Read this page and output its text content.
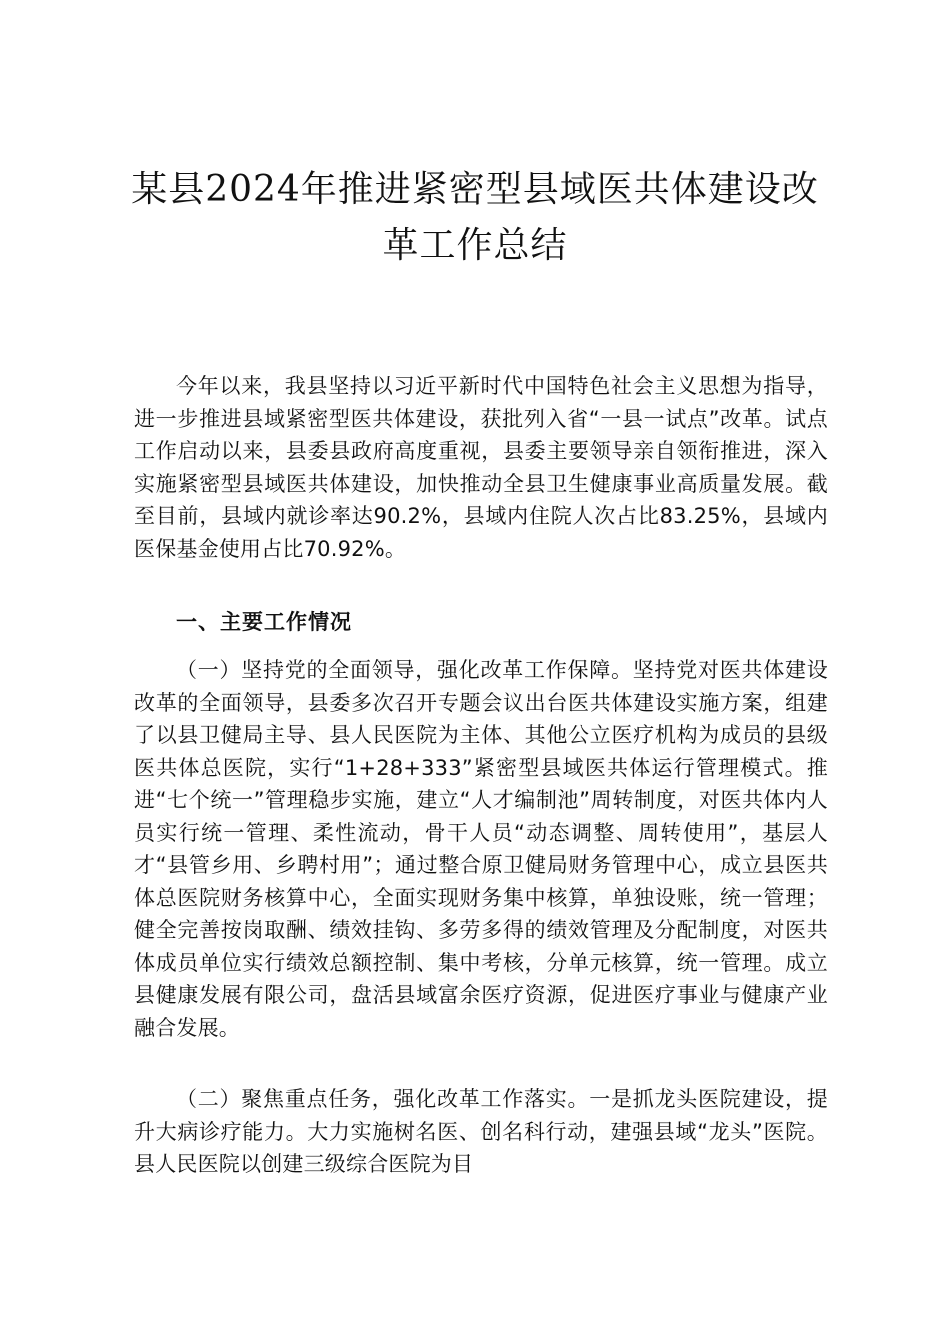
某县2024年推进紧密型县域医共体建设改革工作总结

今年以来，我县坚持以习近平新时代中国特色社会主义思想为指导，进一步推进县域紧密型医共体建设，获批列入省“一县一试点”改革。试点工作启动以来，县委县政府高度重视，县委主要领导亲自领衔推进，深入实施紧密型县域医共体建设，加快推动全县卫生健康事业高质量发展。截至目前，县域内就诊率达90.2%，县域内住院人次占比83.25%，县域内医保基金使用占比70.92%。

一、主要工作情况

（一）坚持党的全面领导，强化改革工作保障。坚持党对医共体建设改革的全面领导，县委多次召开专题会议出台医共体建设实施方案，组建了以县卫健局主导、县人民医院为主体、其他公立医疗机构为成员的县级医共体总医院，实行“1+28+333”紧密型县域医共体运行管理模式。推进“七个统一”管理稳步实施，建立“人才编制池”周转制度，对医共体内人员实行统一管理、柔性流动，骨干人员“动态调整、周转使用”，基层人才“县管乡用、乡聘村用”；通过整合原卫健局财务管理中心，成立县医共体总医院财务核算中心，全面实现财务集中核算，单独设账，统一管理；健全完善按岗取酬、绩效挂钩、多劳多得的绩效管理及分配制度，对医共体成员单位实行绩效总额控制、集中考核，分单元核算，统一管理。成立县健康发展有限公司，盘活县域富余医疗资源，促进医疗事业与健康产业融合发展。

（二）聚焦重点任务，强化改革工作落实。一是抓龙头医院建设，提升大病诊疗能力。大力实施树名医、创名科行动，建强县域“龙头”医院。县人民医院以创建三级综合医院为目
